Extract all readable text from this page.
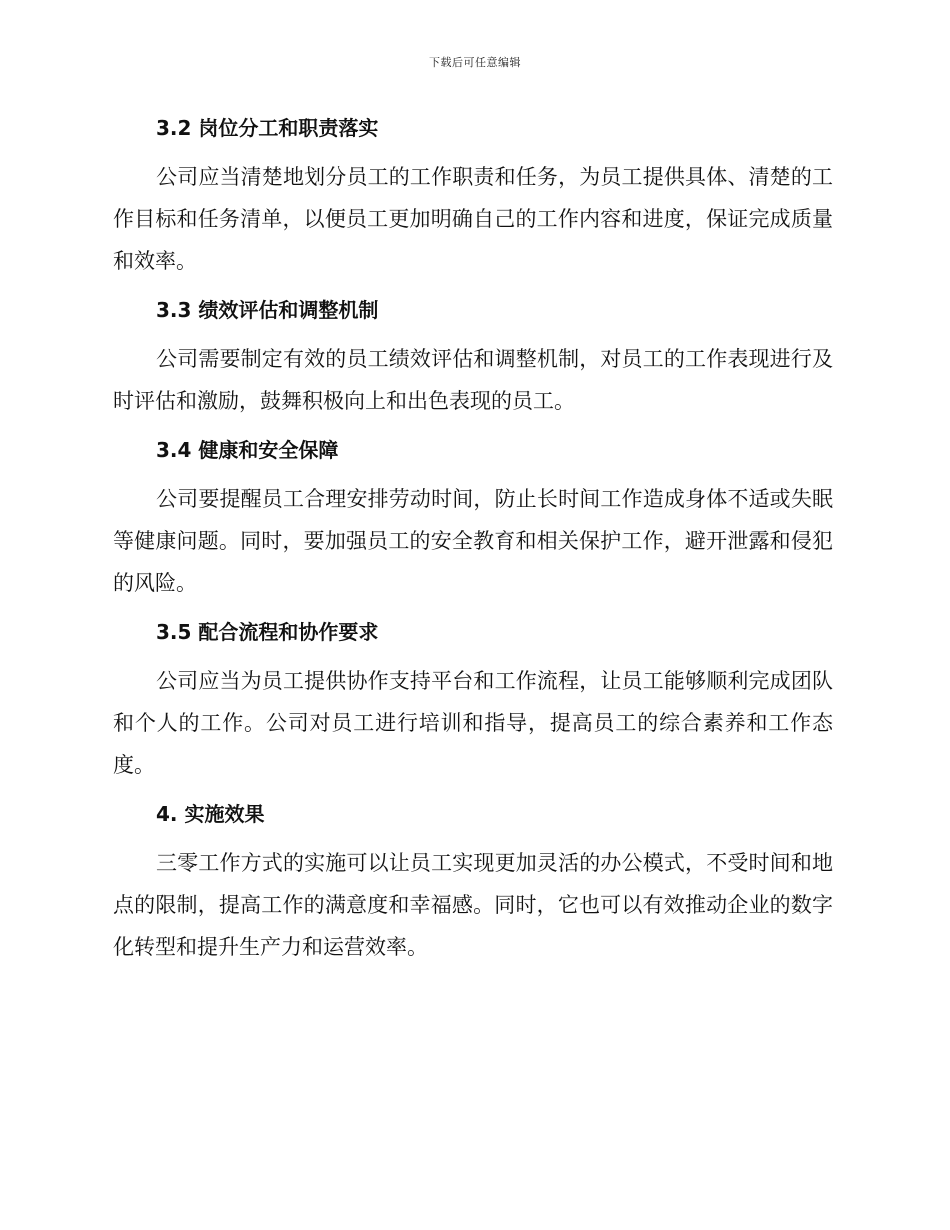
下载后可任意编辑
3.2 岗位分工和职责落实

公司应当清楚地划分员工的工作职责和任务，为员工提供具体、清楚的工作目标和任务清单，以便员工更加明确自己的工作内容和进度，保证完成质量和效率。

3.3 绩效评估和调整机制

公司需要制定有效的员工绩效评估和调整机制，对员工的工作表现进行及时评估和激励，鼓舞积极向上和出色表现的员工。

3.4 健康和安全保障

公司要提醒员工合理安排劳动时间，防止长时间工作造成身体不适或失眠等健康问题。同时，要加强员工的安全教育和相关保护工作，避开泄露和侵犯的风险。

3.5 配合流程和协作要求

公司应当为员工提供协作支持平台和工作流程，让员工能够顺利完成团队和个人的工作。公司对员工进行培训和指导，提高员工的综合素养和工作态度。

4. 实施效果

三零工作方式的实施可以让员工实现更加灵活的办公模式，不受时间和地点的限制，提高工作的满意度和幸福感。同时，它也可以有效推动企业的数字化转型和提升生产力和运营效率。
